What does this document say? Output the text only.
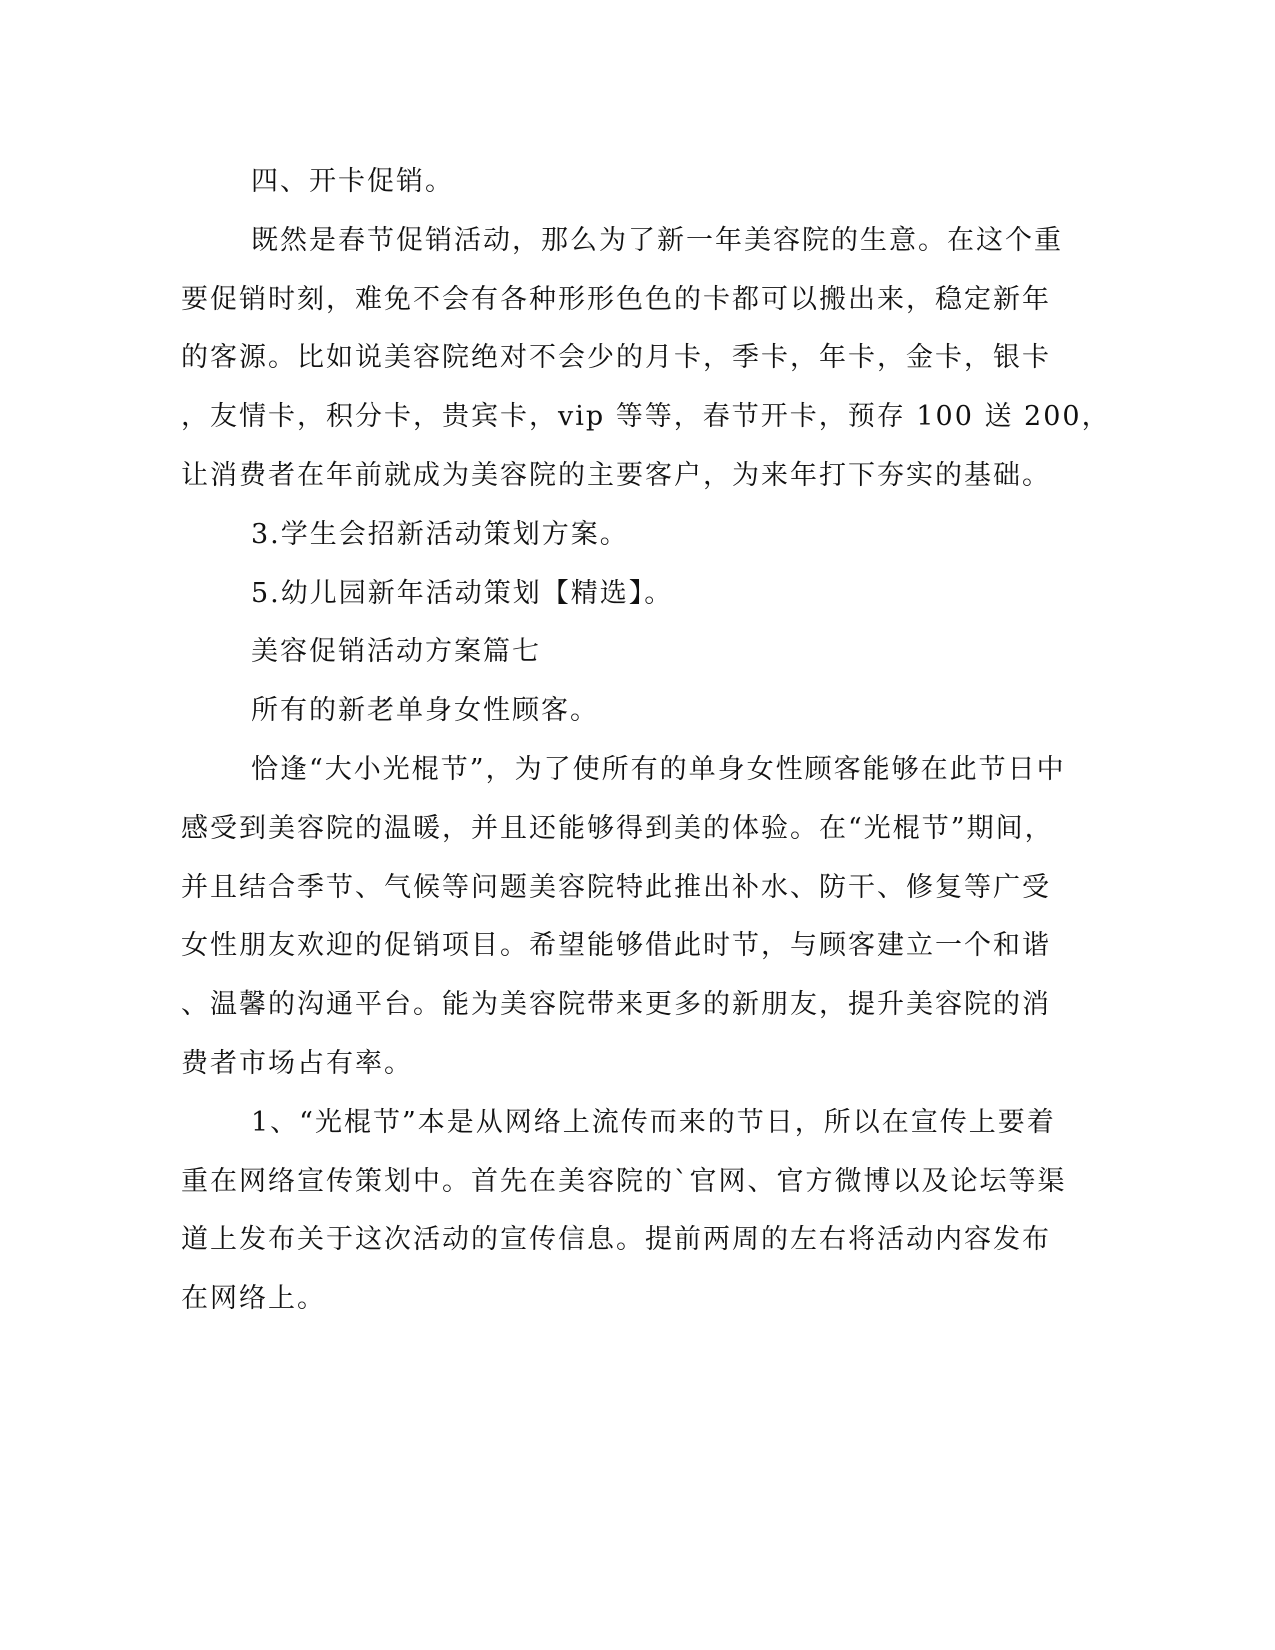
四、开卡促销。
既然是春节促销活动，那么为了新一年美容院的生意。在这个重
要促销时刻，难免不会有各种形形色色的卡都可以搬出来，稳定新年
的客源。比如说美容院绝对不会少的月卡，季卡，年卡，金卡，银卡
，友情卡，积分卡，贵宾卡，vip 等等，春节开卡，预存 100 送 200，
让消费者在年前就成为美容院的主要客户，为来年打下夯实的基础。
3.学生会招新活动策划方案。
5.幼儿园新年活动策划【精选】。
美容促销活动方案篇七
所有的新老单身女性顾客。
恰逢“大小光棍节”，为了使所有的单身女性顾客能够在此节日中
感受到美容院的温暖，并且还能够得到美的体验。在“光棍节”期间，
并且结合季节、气候等问题美容院特此推出补水、防干、修复等广受
女性朋友欢迎的促销项目。希望能够借此时节，与顾客建立一个和谐
、温馨的沟通平台。能为美容院带来更多的新朋友，提升美容院的消
费者市场占有率。
1、“光棍节”本是从网络上流传而来的节日，所以在宣传上要着
重在网络宣传策划中。首先在美容院的`官网、官方微博以及论坛等渠
道上发布关于这次活动的宣传信息。提前两周的左右将活动内容发布
在网络上。
